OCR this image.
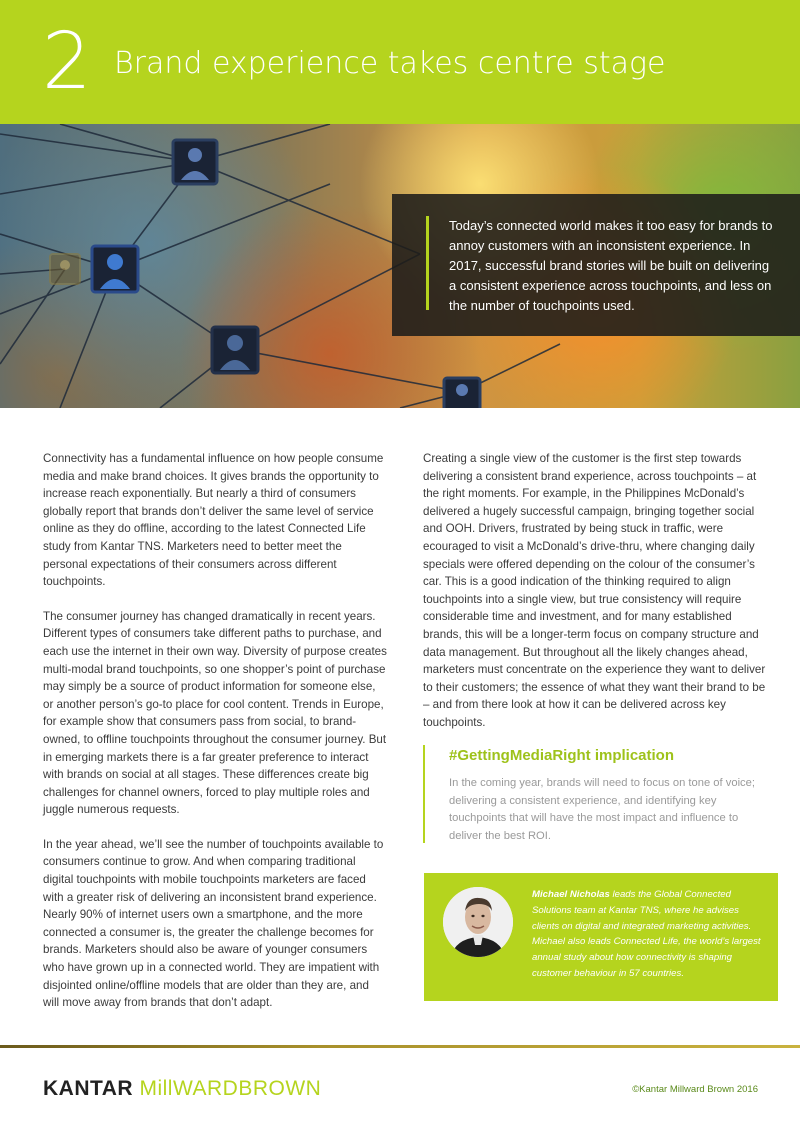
2 Brand experience takes centre stage
Today’s connected world makes it too easy for brands to annoy customers with an inconsistent experience. In 2017, successful brand stories will be built on delivering a consistent experience across touchpoints, and less on the number of touchpoints used.

Connectivity has a fundamental influence on how people consume media and make brand choices. It gives brands the opportunity to increase reach exponentially. But nearly a third of consumers globally report that brands don’t deliver the same level of service online as they do offline, according to the latest Connected Life study from Kantar TNS. Marketers need to better meet the personal expectations of their consumers across different touchpoints.

The consumer journey has changed dramatically in recent years. Different types of consumers take different paths to purchase, and each use the internet in their own way. Diversity of purpose creates multi-modal brand touchpoints, so one shopper’s point of purchase may simply be a source of product information for someone else, or another person’s go-to place for cool content. Trends in Europe, for example show that consumers pass from social, to brand-owned, to offline touchpoints throughout the consumer journey. But in emerging markets there is a far greater preference to interact with brands on social at all stages. These differences create big challenges for channel owners, forced to play multiple roles and juggle numerous requests.

In the year ahead, we’ll see the number of touchpoints available to consumers continue to grow. And when comparing traditional digital touchpoints with mobile touchpoints marketers are faced with a greater risk of delivering an inconsistent brand experience. Nearly 90% of internet users own a smartphone, and the more connected a consumer is, the greater the challenge becomes for brands. Marketers should also be aware of younger consumers who have grown up in a connected world. They are impatient with disjointed online/offline models that are older than they are, and will move away from brands that don’t adapt.

Creating a single view of the customer is the first step towards delivering a consistent brand experience, across touchpoints – at the right moments. For example, in the Philippines McDonald’s delivered a hugely successful campaign, bringing together social and OOH. Drivers, frustrated by being stuck in traffic, were ecouraged to visit a McDonald’s drive-thru, where changing daily specials were offered depending on the colour of the consumer’s car. This is a good indication of the thinking required to align touchpoints into a single view, but true consistency will require considerable time and investment, and for many established brands, this will be a longer-term focus on company structure and data management. But throughout all the likely changes ahead, marketers must concentrate on the experience they want to deliver to their customers; the essence of what they want their brand to be – and from there look at how it can be delivered across key touchpoints.

#GettingMediaRight implication
In the coming year, brands will need to focus on tone of voice; delivering a consistent experience, and identifying key touchpoints that will have the most impact and influence to deliver the best ROI.
Michael Nicholas leads the Global Connected Solutions team at Kantar TNS, where he advises clients on digital and integrated marketing activities. Michael also leads Connected Life, the world’s largest annual study about how connectivity is shaping customer behaviour in 57 countries.
KANTAR MillWARDBROWN	©Kantar Millward Brown 2016
